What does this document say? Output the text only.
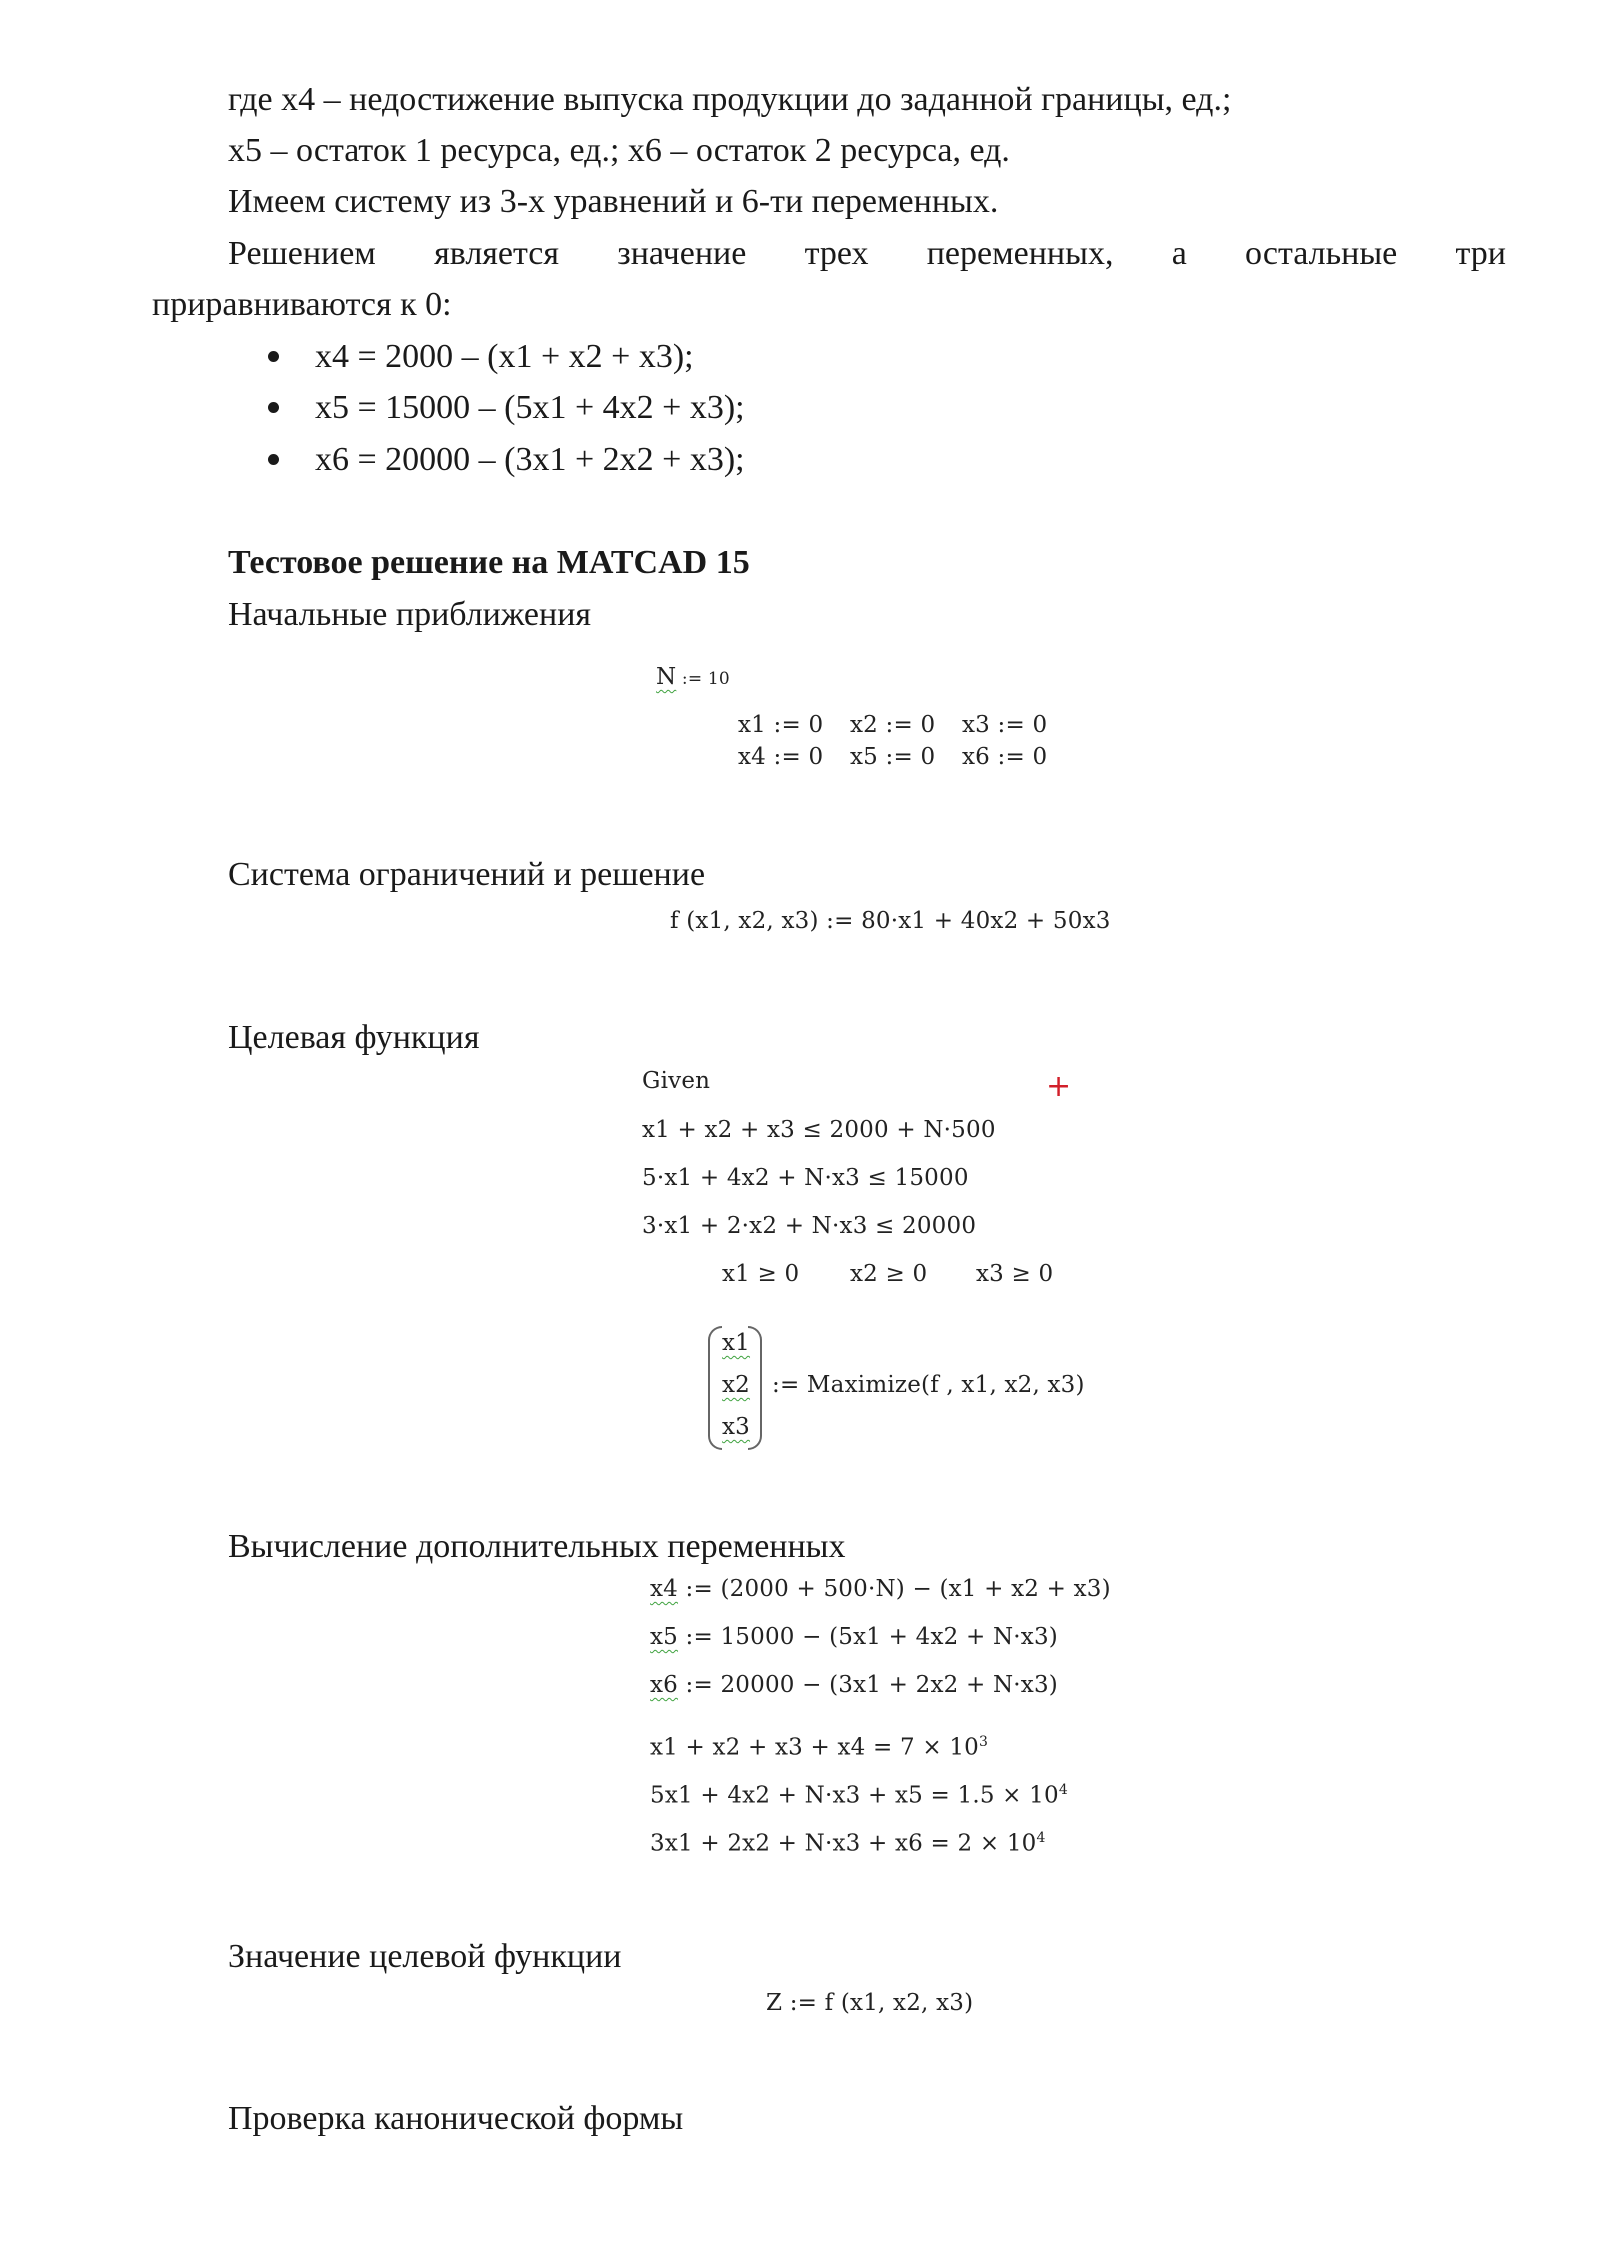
где x4 – недостижение выпуска продукции до заданной границы, ед.;
x5 – остаток 1 ресурса, ед.; x6 – остаток 2 ресурса, ед.
Имеем систему из 3-х уравнений и 6-ти переменных.
Решением является значение трех переменных, а остальные три
приравниваются к 0:
x4 = 2000 – (x1 + x2 + x3);
x5 = 15000 – (5x1 + 4x2 + x3);
x6 = 20000 – (3x1 + 2x2 + x3);
Тестовое решение на MATCAD 15
Начальные приближения
N := 10
x1 := 0 x2 := 0 x3 := 0
x4 := 0 x5 := 0 x6 := 0
Система ограничений и решение
f (x1, x2, x3) := 80·x1 + 40x2 + 50x3
Целевая функция
Given	+
x1 + x2 + x3 ≤ 2000 + N·500
5·x1 + 4x2 + N·x3 ≤ 15000
3·x1 + 2·x2 + N·x3 ≤ 20000
x1 ≥ 0 x2 ≥ 0 x3 ≥ 0
x1
x2
x3
:= Maximize(f , x1, x2, x3)
Вычисление дополнительных переменных
x4 := (2000 + 500·N) − (x1 + x2 + x3)
x5 := 15000 − (5x1 + 4x2 + N·x3)
x6 := 20000 − (3x1 + 2x2 + N·x3)
$x1 + x2 + x3 + x4 = 7 \times 10^3$
$5x1 + 4x2 + N\cdot x3 + x5 = 1.5 \times 10^4$
$3x1 + 2x2 + N\cdot x3 + x6 = 2 \times 10^4$
Значение целевой функции
Z := f (x1, x2, x3)
Проверка канонической формы
